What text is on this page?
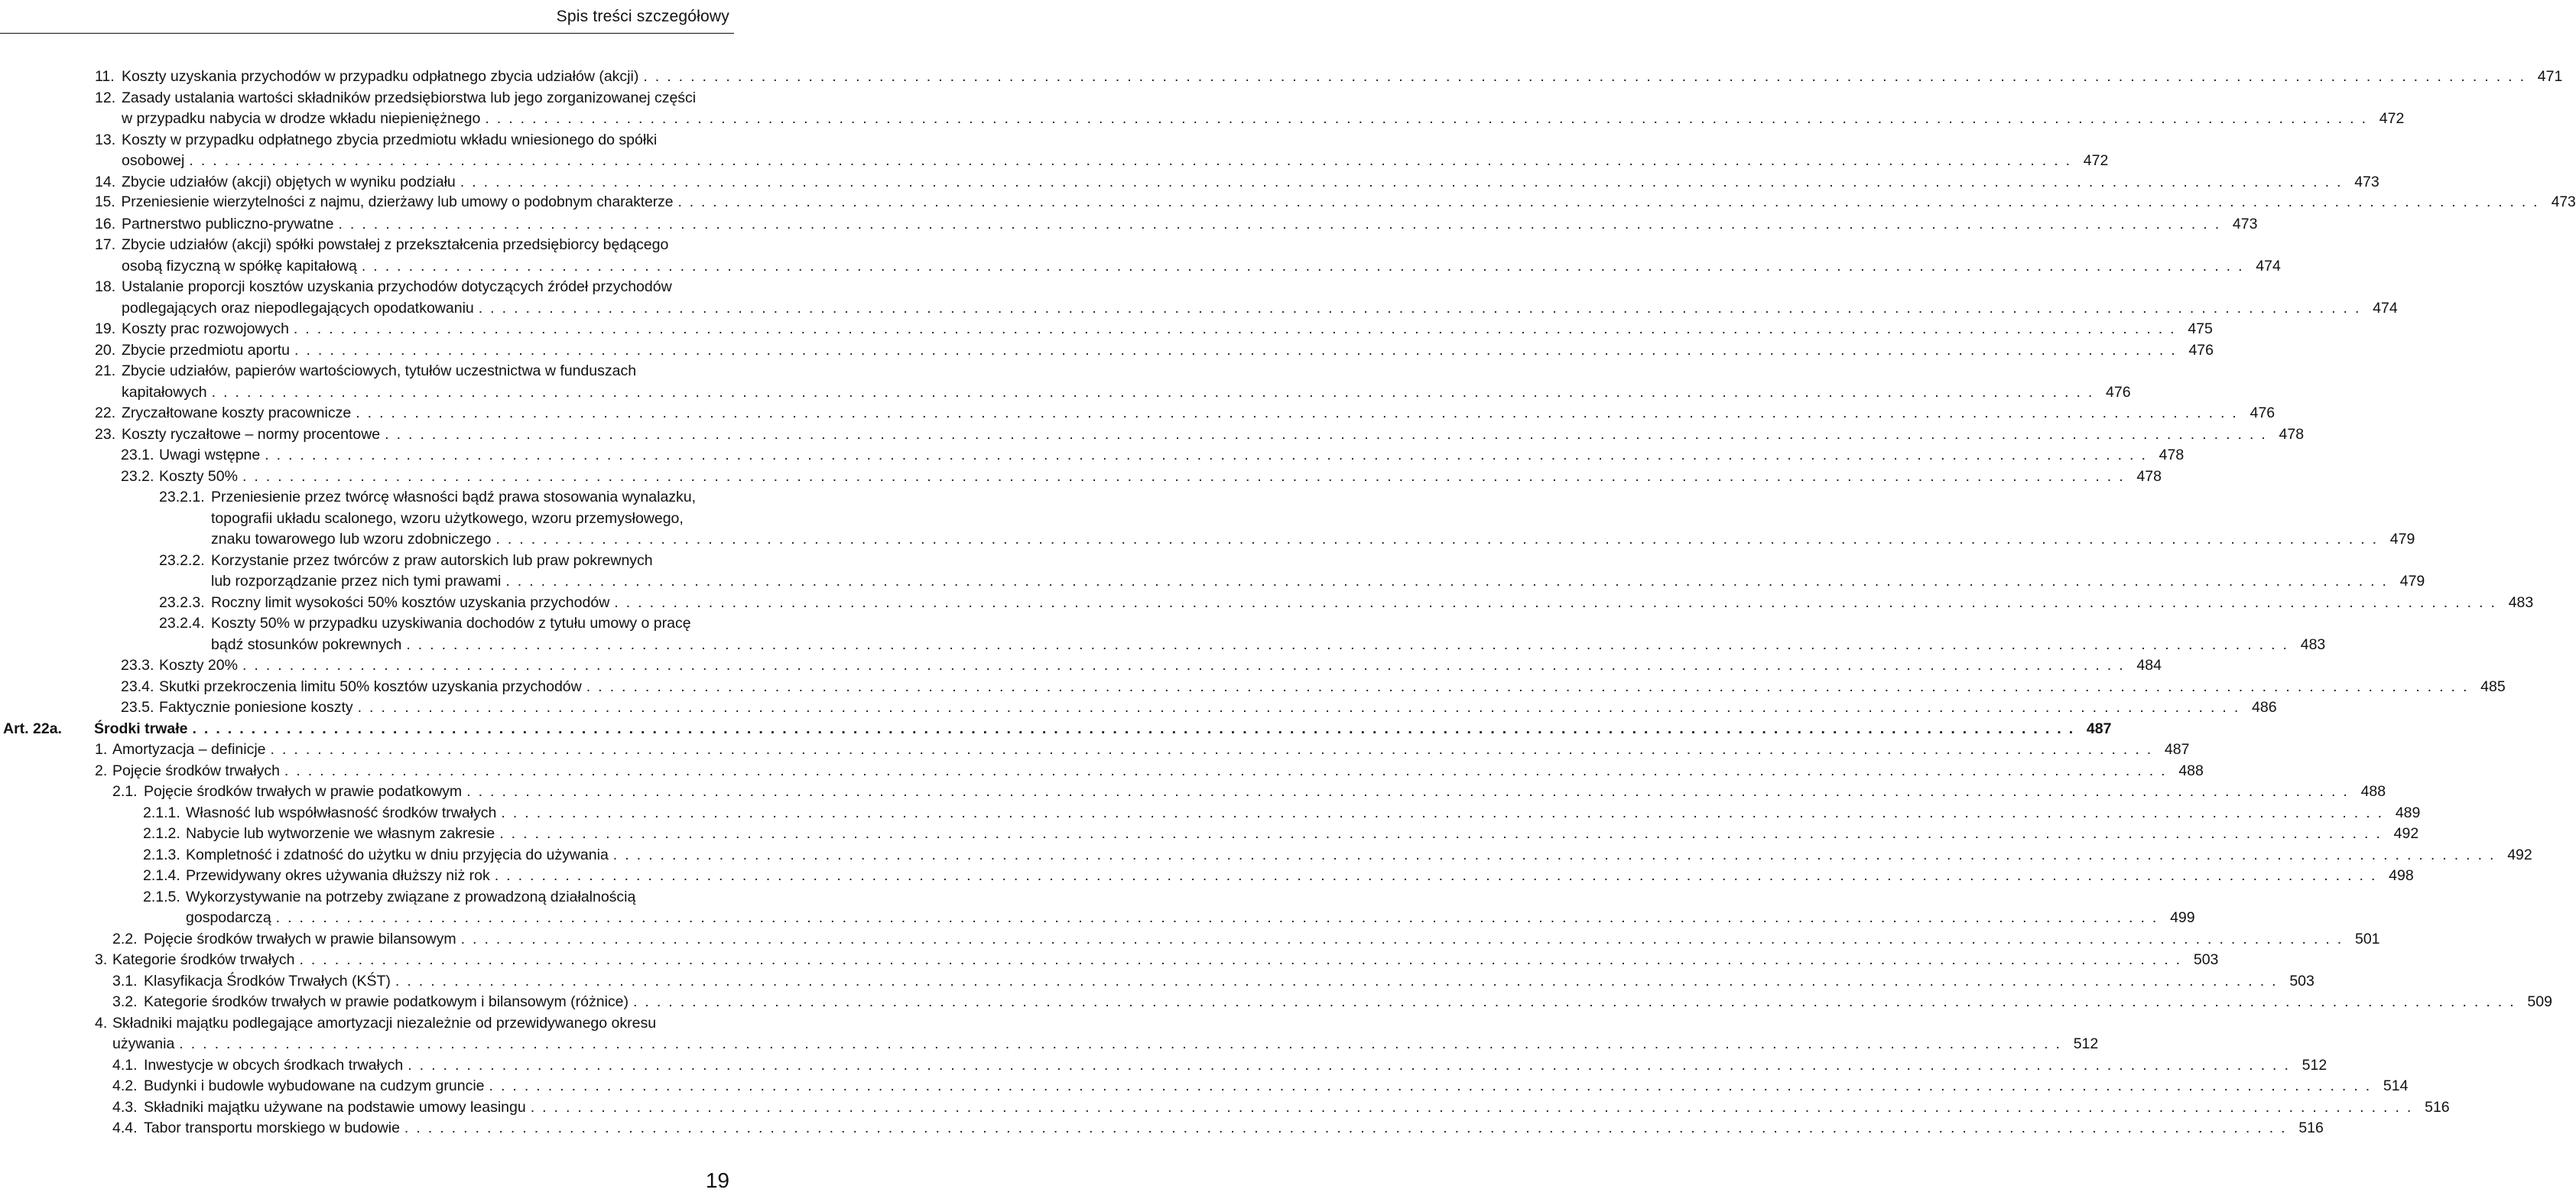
Spis treści szczegółowy
11. Koszty uzyskania przychodów w przypadku odpłatnego zbycia udziałów (akcji) . . . . . . . . . . . . . . . . . . . . . . . . . . . . . . . . . . . . . . . . . . . . . . . . . . . . . . . . . . . . . . . . . . . . . . . . . . . . . . . . . . . . . . . . . . . . . . . . . . . . . . . . . . . . . . . . . . . . . . . . . . . . . . . . . . . . . . . . . . . . . . . . . . . . . . . . . . . . . . . . 471
12. Zasady ustalania wartości składników przedsiębiorstwa lub jego zorganizowanej części
w przypadku nabycia w drodze wkładu niepieniężnego . . . . . . . . . . . . . . . . . . . . . . . . . . . . . . . . . . . . . . . . . . . . . . . . . . . . . . . . . . . . . . . . . . . . . . . . . . . . . . . . . . . . . . . . . . . . . . . . . . . . . . . . . . . . . . . . . . . . . . . . . . . . . . . . . . . . . . . . . . . . . . . . . . . . . . . . . . . . . . . . 472
13. Koszty w przypadku odpłatnego zbycia przedmiotu wkładu wniesionego do spółki
osobowej . . . . . . . . . . . . . . . . . . . . . . . . . . . . . . . . . . . . . . . . . . . . . . . . . . . . . . . . . . . . . . . . . . . . . . . . . . . . . . . . . . . . . . . . . . . . . . . . . . . . . . . . . . . . . . . . . . . . . . . . . . . . . . . . . . . . . . . . . . . . . . . . . . . . . . . . . . . . . . . . 472
14. Zbycie udziałów (akcji) objętych w wyniku podziału . . . . . . . . . . . . . . . . . . . . . . . . . . . . . . . . . . . . . . . . . . . . . . . . . . . . . . . . . . . . . . . . . . . . . . . . . . . . . . . . . . . . . . . . . . . . . . . . . . . . . . . . . . . . . . . . . . . . . . . . . . . . . . . . . . . . . . . . . . . . . . . . . . . . . . . . . . . . . . . . 473
15. Przeniesienie wierzytelności z najmu, dzierżawy lub umowy o podobnym charakterze . . . . . . . . . . . . . . . . . . . . . . . . . . . . . . . . . . . . . . . . . . . . . . . . . . . . . . . . . . . . . . . . . . . . . . . . . . . . . . . . . . . . . . . . . . . . . . . . . . . . . . . . . . . . . . . . . . . . . . . . . . . . . . . . . . . . . . . . . . . . . . . . . . . . . . . . . . . . . . . . 473
16. Partnerstwo publiczno-prywatne . . . . . . . . . . . . . . . . . . . . . . . . . . . . . . . . . . . . . . . . . . . . . . . . . . . . . . . . . . . . . . . . . . . . . . . . . . . . . . . . . . . . . . . . . . . . . . . . . . . . . . . . . . . . . . . . . . . . . . . . . . . . . . . . . . . . . . . . . . . . . . . . . . . . . . . . . . . . . . . . 473
17. Zbycie udziałów (akcji) spółki powstałej z przekształcenia przedsiębiorcy będącego
osobą fizyczną w spółkę kapitałową . . . . . . . . . . . . . . . . . . . . . . . . . . . . . . . . . . . . . . . . . . . . . . . . . . . . . . . . . . . . . . . . . . . . . . . . . . . . . . . . . . . . . . . . . . . . . . . . . . . . . . . . . . . . . . . . . . . . . . . . . . . . . . . . . . . . . . . . . . . . . . . . . . . . . . . . . . . . . . . . 474
18. Ustalanie proporcji kosztów uzyskania przychodów dotyczących źródeł przychodów
podlegających oraz niepodlegających opodatkowaniu . . . . . . . . . . . . . . . . . . . . . . . . . . . . . . . . . . . . . . . . . . . . . . . . . . . . . . . . . . . . . . . . . . . . . . . . . . . . . . . . . . . . . . . . . . . . . . . . . . . . . . . . . . . . . . . . . . . . . . . . . . . . . . . . . . . . . . . . . . . . . . . . . . . . . . . . . . . . . . . . 474
19. Koszty prac rozwojowych . . . . . . . . . . . . . . . . . . . . . . . . . . . . . . . . . . . . . . . . . . . . . . . . . . . . . . . . . . . . . . . . . . . . . . . . . . . . . . . . . . . . . . . . . . . . . . . . . . . . . . . . . . . . . . . . . . . . . . . . . . . . . . . . . . . . . . . . . . . . . . . . . . . . . . . . . . . . . . . . 475
20. Zbycie przedmiotu aportu . . . . . . . . . . . . . . . . . . . . . . . . . . . . . . . . . . . . . . . . . . . . . . . . . . . . . . . . . . . . . . . . . . . . . . . . . . . . . . . . . . . . . . . . . . . . . . . . . . . . . . . . . . . . . . . . . . . . . . . . . . . . . . . . . . . . . . . . . . . . . . . . . . . . . . . . . . . . . . . . 476
21. Zbycie udziałów, papierów wartościowych, tytułów uczestnictwa w funduszach
kapitałowych . . . . . . . . . . . . . . . . . . . . . . . . . . . . . . . . . . . . . . . . . . . . . . . . . . . . . . . . . . . . . . . . . . . . . . . . . . . . . . . . . . . . . . . . . . . . . . . . . . . . . . . . . . . . . . . . . . . . . . . . . . . . . . . . . . . . . . . . . . . . . . . . . . . . . . . . . . . . . . . . 476
22. Zryczałtowane koszty pracownicze . . . . . . . . . . . . . . . . . . . . . . . . . . . . . . . . . . . . . . . . . . . . . . . . . . . . . . . . . . . . . . . . . . . . . . . . . . . . . . . . . . . . . . . . . . . . . . . . . . . . . . . . . . . . . . . . . . . . . . . . . . . . . . . . . . . . . . . . . . . . . . . . . . . . . . . . . . . . . . . . 476
23. Koszty ryczałtowe – normy procentowe . . . . . . . . . . . . . . . . . . . . . . . . . . . . . . . . . . . . . . . . . . . . . . . . . . . . . . . . . . . . . . . . . . . . . . . . . . . . . . . . . . . . . . . . . . . . . . . . . . . . . . . . . . . . . . . . . . . . . . . . . . . . . . . . . . . . . . . . . . . . . . . . . . . . . . . . . . . . . . . . 478
23.1. Uwagi wstępne . . . . . . . . . . . . . . . . . . . . . . . . . . . . . . . . . . . . . . . . . . . . . . . . . . . . . . . . . . . . . . . . . . . . . . . . . . . . . . . . . . . . . . . . . . . . . . . . . . . . . . . . . . . . . . . . . . . . . . . . . . . . . . . . . . . . . . . . . . . . . . . . . . . . . . . . . . . . . . . . 478
23.2. Koszty 50% . . . . . . . . . . . . . . . . . . . . . . . . . . . . . . . . . . . . . . . . . . . . . . . . . . . . . . . . . . . . . . . . . . . . . . . . . . . . . . . . . . . . . . . . . . . . . . . . . . . . . . . . . . . . . . . . . . . . . . . . . . . . . . . . . . . . . . . . . . . . . . . . . . . . . . . . . . . . . . . . 478
23.2.1. Przeniesienie przez twórcę własności bądź prawa stosowania wynalazku,
topografii układu scalonego, wzoru użytkowego, wzoru przemysłowego,
znaku towarowego lub wzoru zdobniczego . . . . . . . . . . . . . . . . . . . . . . . . . . . . . . . . . . . . . . . . . . . . . . . . . . . . . . . . . . . . . . . . . . . . . . . . . . . . . . . . . . . . . . . . . . . . . . . . . . . . . . . . . . . . . . . . . . . . . . . . . . . . . . . . . . . . . . . . . . . . . . . . . . . . . . . . . . . . . . . . 479
23.2.2. Korzystanie przez twórców z praw autorskich lub praw pokrewnych
lub rozporządzanie przez nich tymi prawami . . . . . . . . . . . . . . . . . . . . . . . . . . . . . . . . . . . . . . . . . . . . . . . . . . . . . . . . . . . . . . . . . . . . . . . . . . . . . . . . . . . . . . . . . . . . . . . . . . . . . . . . . . . . . . . . . . . . . . . . . . . . . . . . . . . . . . . . . . . . . . . . . . . . . . . . . . . . . . . . 479
23.2.3. Roczny limit wysokości 50% kosztów uzyskania przychodów . . . . . . . . . . . . . . . . . . . . . . . . . . . . . . . . . . . . . . . . . . . . . . . . . . . . . . . . . . . . . . . . . . . . . . . . . . . . . . . . . . . . . . . . . . . . . . . . . . . . . . . . . . . . . . . . . . . . . . . . . . . . . . . . . . . . . . . . . . . . . . . . . . . . . . . . . . . . . . . . 483
23.2.4. Koszty 50% w przypadku uzyskiwania dochodów z tytułu umowy o pracę
bądź stosunków pokrewnych . . . . . . . . . . . . . . . . . . . . . . . . . . . . . . . . . . . . . . . . . . . . . . . . . . . . . . . . . . . . . . . . . . . . . . . . . . . . . . . . . . . . . . . . . . . . . . . . . . . . . . . . . . . . . . . . . . . . . . . . . . . . . . . . . . . . . . . . . . . . . . . . . . . . . . . . . . . . . . . . 483
23.3. Koszty 20% . . . . . . . . . . . . . . . . . . . . . . . . . . . . . . . . . . . . . . . . . . . . . . . . . . . . . . . . . . . . . . . . . . . . . . . . . . . . . . . . . . . . . . . . . . . . . . . . . . . . . . . . . . . . . . . . . . . . . . . . . . . . . . . . . . . . . . . . . . . . . . . . . . . . . . . . . . . . . . . . 484
23.4. Skutki przekroczenia limitu 50% kosztów uzyskania przychodów . . . . . . . . . . . . . . . . . . . . . . . . . . . . . . . . . . . . . . . . . . . . . . . . . . . . . . . . . . . . . . . . . . . . . . . . . . . . . . . . . . . . . . . . . . . . . . . . . . . . . . . . . . . . . . . . . . . . . . . . . . . . . . . . . . . . . . . . . . . . . . . . . . . . . . . . . . . . . . . . 485
23.5. Faktycznie poniesione koszty . . . . . . . . . . . . . . . . . . . . . . . . . . . . . . . . . . . . . . . . . . . . . . . . . . . . . . . . . . . . . . . . . . . . . . . . . . . . . . . . . . . . . . . . . . . . . . . . . . . . . . . . . . . . . . . . . . . . . . . . . . . . . . . . . . . . . . . . . . . . . . . . . . . . . . . . . . . . . . . . 486
Art. 22a.	Środki trwałe . . . . . . . . . . . . . . . . . . . . . . . . . . . . . . . . . . . . . . . . . . . . . . . . . . . . . . . . . . . . . . . . . . . . . . . . . . . . . . . . . . . . . . . . . . . . . . . . . . . . . . . . . . . . . . . . . . . . . . . . . . . . . . . . . . . . . . . . . . . . . . . . . . . . . . . . . . . . . . . . 487
1. Amortyzacja – definicje . . . . . . . . . . . . . . . . . . . . . . . . . . . . . . . . . . . . . . . . . . . . . . . . . . . . . . . . . . . . . . . . . . . . . . . . . . . . . . . . . . . . . . . . . . . . . . . . . . . . . . . . . . . . . . . . . . . . . . . . . . . . . . . . . . . . . . . . . . . . . . . . . . . . . . . . . . . . . . . . 487
2. Pojęcie środków trwałych . . . . . . . . . . . . . . . . . . . . . . . . . . . . . . . . . . . . . . . . . . . . . . . . . . . . . . . . . . . . . . . . . . . . . . . . . . . . . . . . . . . . . . . . . . . . . . . . . . . . . . . . . . . . . . . . . . . . . . . . . . . . . . . . . . . . . . . . . . . . . . . . . . . . . . . . . . . . . . . . 488
2.1. Pojęcie środków trwałych w prawie podatkowym . . . . . . . . . . . . . . . . . . . . . . . . . . . . . . . . . . . . . . . . . . . . . . . . . . . . . . . . . . . . . . . . . . . . . . . . . . . . . . . . . . . . . . . . . . . . . . . . . . . . . . . . . . . . . . . . . . . . . . . . . . . . . . . . . . . . . . . . . . . . . . . . . . . . . . . . . . . . . . . . 488
2.1.1. Własność lub współwłasność środków trwałych . . . . . . . . . . . . . . . . . . . . . . . . . . . . . . . . . . . . . . . . . . . . . . . . . . . . . . . . . . . . . . . . . . . . . . . . . . . . . . . . . . . . . . . . . . . . . . . . . . . . . . . . . . . . . . . . . . . . . . . . . . . . . . . . . . . . . . . . . . . . . . . . . . . . . . . . . . . . . . . . 489
2.1.2. Nabycie lub wytworzenie we własnym zakresie . . . . . . . . . . . . . . . . . . . . . . . . . . . . . . . . . . . . . . . . . . . . . . . . . . . . . . . . . . . . . . . . . . . . . . . . . . . . . . . . . . . . . . . . . . . . . . . . . . . . . . . . . . . . . . . . . . . . . . . . . . . . . . . . . . . . . . . . . . . . . . . . . . . . . . . . . . . . . . . . 492
2.1.3. Kompletność i zdatność do użytku w dniu przyjęcia do używania . . . . . . . . . . . . . . . . . . . . . . . . . . . . . . . . . . . . . . . . . . . . . . . . . . . . . . . . . . . . . . . . . . . . . . . . . . . . . . . . . . . . . . . . . . . . . . . . . . . . . . . . . . . . . . . . . . . . . . . . . . . . . . . . . . . . . . . . . . . . . . . . . . . . . . . . . . . . . . . . 492
2.1.4. Przewidywany okres używania dłuższy niż rok . . . . . . . . . . . . . . . . . . . . . . . . . . . . . . . . . . . . . . . . . . . . . . . . . . . . . . . . . . . . . . . . . . . . . . . . . . . . . . . . . . . . . . . . . . . . . . . . . . . . . . . . . . . . . . . . . . . . . . . . . . . . . . . . . . . . . . . . . . . . . . . . . . . . . . . . . . . . . . . . 498
2.1.5. Wykorzystywanie na potrzeby związane z prowadzoną działalnością
gospodarczą . . . . . . . . . . . . . . . . . . . . . . . . . . . . . . . . . . . . . . . . . . . . . . . . . . . . . . . . . . . . . . . . . . . . . . . . . . . . . . . . . . . . . . . . . . . . . . . . . . . . . . . . . . . . . . . . . . . . . . . . . . . . . . . . . . . . . . . . . . . . . . . . . . . . . . . . . . . . . . . . 499
2.2. Pojęcie środków trwałych w prawie bilansowym . . . . . . . . . . . . . . . . . . . . . . . . . . . . . . . . . . . . . . . . . . . . . . . . . . . . . . . . . . . . . . . . . . . . . . . . . . . . . . . . . . . . . . . . . . . . . . . . . . . . . . . . . . . . . . . . . . . . . . . . . . . . . . . . . . . . . . . . . . . . . . . . . . . . . . . . . . . . . . . . 501
3. Kategorie środków trwałych . . . . . . . . . . . . . . . . . . . . . . . . . . . . . . . . . . . . . . . . . . . . . . . . . . . . . . . . . . . . . . . . . . . . . . . . . . . . . . . . . . . . . . . . . . . . . . . . . . . . . . . . . . . . . . . . . . . . . . . . . . . . . . . . . . . . . . . . . . . . . . . . . . . . . . . . . . . . . . . . 503
3.1. Klasyfikacja Środków Trwałych (KŚT) . . . . . . . . . . . . . . . . . . . . . . . . . . . . . . . . . . . . . . . . . . . . . . . . . . . . . . . . . . . . . . . . . . . . . . . . . . . . . . . . . . . . . . . . . . . . . . . . . . . . . . . . . . . . . . . . . . . . . . . . . . . . . . . . . . . . . . . . . . . . . . . . . . . . . . . . . . . . . . . . 503
3.2. Kategorie środków trwałych w prawie podatkowym i bilansowym (różnice) . . . . . . . . . . . . . . . . . . . . . . . . . . . . . . . . . . . . . . . . . . . . . . . . . . . . . . . . . . . . . . . . . . . . . . . . . . . . . . . . . . . . . . . . . . . . . . . . . . . . . . . . . . . . . . . . . . . . . . . . . . . . . . . . . . . . . . . . . . . . . . . . . . . . . . . . . . . . . . . . 509
4. Składniki majątku podlegające amortyzacji niezależnie od przewidywanego okresu
używania . . . . . . . . . . . . . . . . . . . . . . . . . . . . . . . . . . . . . . . . . . . . . . . . . . . . . . . . . . . . . . . . . . . . . . . . . . . . . . . . . . . . . . . . . . . . . . . . . . . . . . . . . . . . . . . . . . . . . . . . . . . . . . . . . . . . . . . . . . . . . . . . . . . . . . . . . . . . . . . . 512
4.1. Inwestycje w obcych środkach trwałych . . . . . . . . . . . . . . . . . . . . . . . . . . . . . . . . . . . . . . . . . . . . . . . . . . . . . . . . . . . . . . . . . . . . . . . . . . . . . . . . . . . . . . . . . . . . . . . . . . . . . . . . . . . . . . . . . . . . . . . . . . . . . . . . . . . . . . . . . . . . . . . . . . . . . . . . . . . . . . . . 512
4.2. Budynki i budowle wybudowane na cudzym gruncie . . . . . . . . . . . . . . . . . . . . . . . . . . . . . . . . . . . . . . . . . . . . . . . . . . . . . . . . . . . . . . . . . . . . . . . . . . . . . . . . . . . . . . . . . . . . . . . . . . . . . . . . . . . . . . . . . . . . . . . . . . . . . . . . . . . . . . . . . . . . . . . . . . . . . . . . . . . . . . . . 514
4.3. Składniki majątku używane na podstawie umowy leasingu . . . . . . . . . . . . . . . . . . . . . . . . . . . . . . . . . . . . . . . . . . . . . . . . . . . . . . . . . . . . . . . . . . . . . . . . . . . . . . . . . . . . . . . . . . . . . . . . . . . . . . . . . . . . . . . . . . . . . . . . . . . . . . . . . . . . . . . . . . . . . . . . . . . . . . . . . . . . . . . . 516
4.4. Tabor transportu morskiego w budowie . . . . . . . . . . . . . . . . . . . . . . . . . . . . . . . . . . . . . . . . . . . . . . . . . . . . . . . . . . . . . . . . . . . . . . . . . . . . . . . . . . . . . . . . . . . . . . . . . . . . . . . . . . . . . . . . . . . . . . . . . . . . . . . . . . . . . . . . . . . . . . . . . . . . . . . . . . . . . . . . 516
19
